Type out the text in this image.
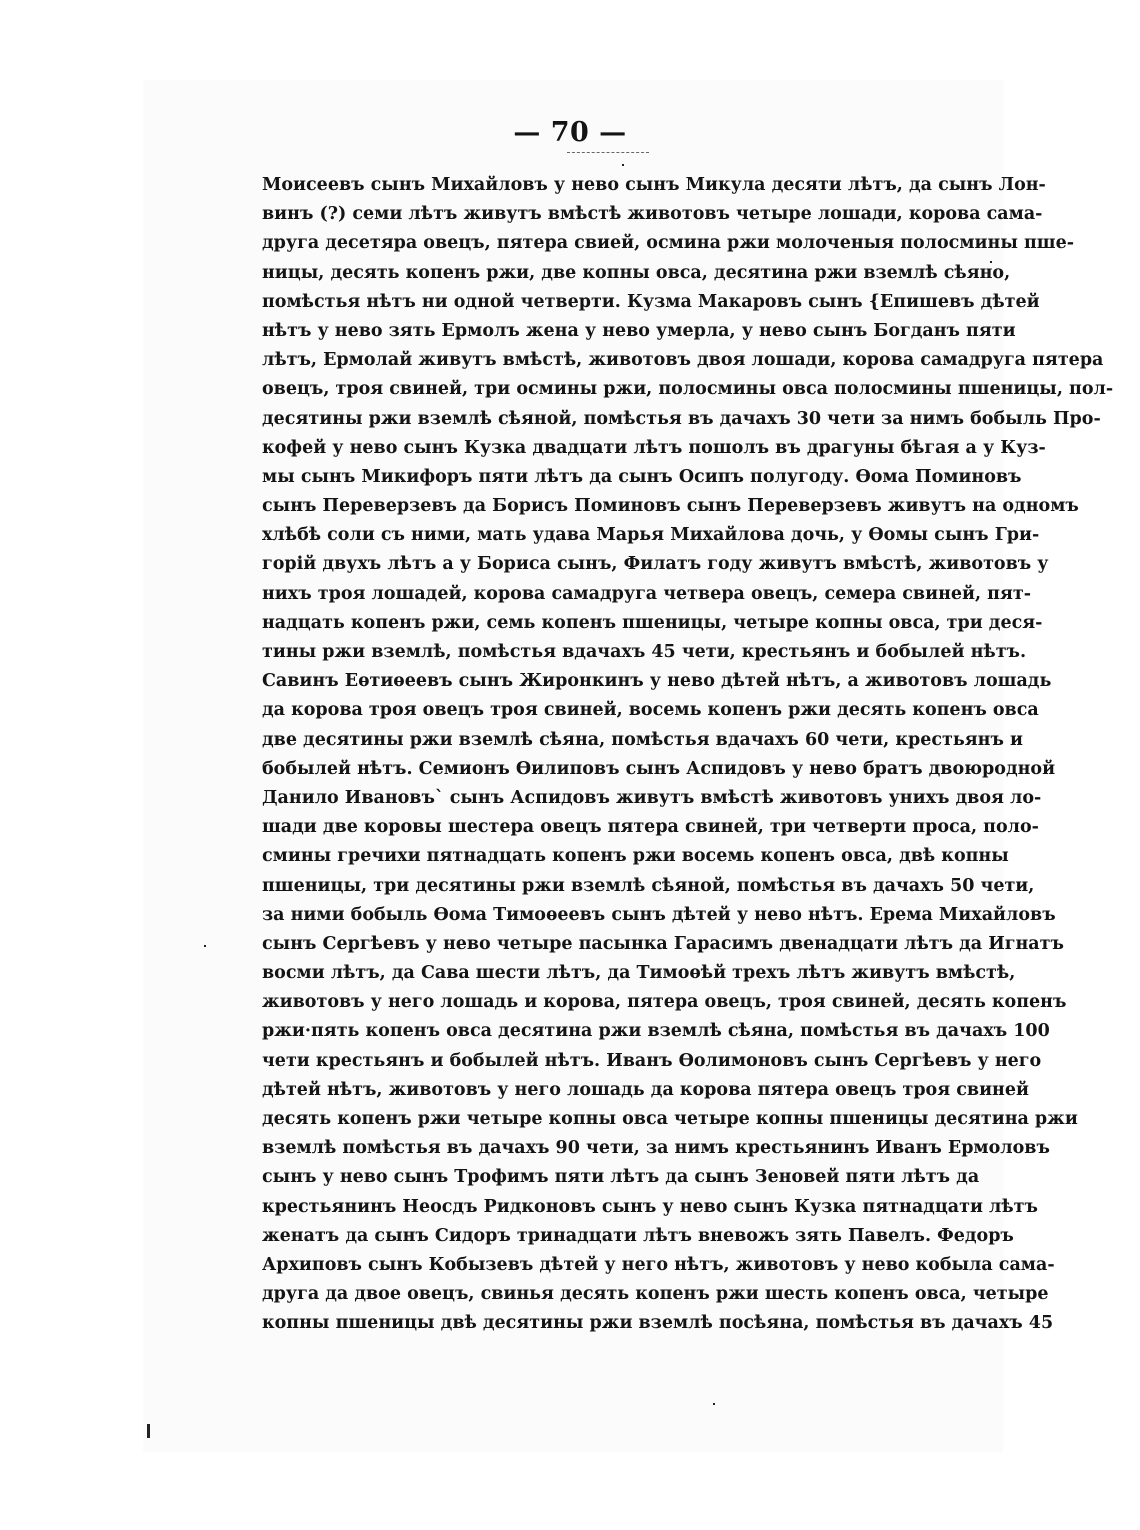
— 70 —
Моисеевъ сынъ Михайловъ у нево сынъ Микула десяти лѣтъ, да сынъ Лон-
винъ (?) семи лѣтъ живутъ вмѣстѣ животовъ четыре лошади, корова сама-
друга десетяра овецъ, пятера свией, осмина ржи молоченыя полосмины пше-
ницы, десять копенъ ржи, две копны овса, десятина ржи вземлѣ сѣяно,
помѣстья нѣтъ ни одной четверти. Кузма Макаровъ сынъ {Епишевъ дѣтей
нѣтъ у нево зять Ермолъ жена у нево умерла, у нево сынъ Богданъ пяти
лѣтъ, Ермолай живутъ вмѣстѣ, животовъ двоя лошади, корова самадруга пятера
овецъ, троя свиней, три осмины ржи, полосмины овса полосмины пшеницы, пол-
десятины ржи вземлѣ сѣяной, помѣстья въ дачахъ 30 чети за нимъ бобыль Про-
кофей у нево сынъ Кузка двадцати лѣтъ пошолъ въ драгуны бѣгая а у Куз-
мы сынъ Микифоръ пяти лѣтъ да сынъ Осипъ полугоду. Ѳома Поминовъ
сынъ Переверзевъ да Борисъ Поминовъ сынъ Переверзевъ живутъ на одномъ
хлѣбѣ соли съ ними, мать удава Марья Михайлова дочь, у Ѳомы сынъ Гри-
горій двухъ лѣтъ а у Бориса сынъ, Филатъ году живутъ вмѣстѣ, животовъ у
нихъ троя лошадей, корова самадруга четвера овецъ, семера свиней, пят-
надцать копенъ ржи, семь копенъ пшеницы, четыре копны овса, три деся-
тины ржи вземлѣ, помѣстья вдачахъ 45 чети, крестьянъ и бобылей нѣтъ.
Савинъ Еѳтиѳеевъ сынъ Жиронкинъ у нево дѣтей нѣтъ, а животовъ лошадь
да корова троя овецъ троя свиней, восемь копенъ ржи десять копенъ овса
две десятины ржи вземлѣ сѣяна, помѣстья вдачахъ 60 чети, крестьянъ и
бобылей нѣтъ. Семионъ Ѳилиповъ сынъ Аспидовъ у нево братъ двоюродной
Данило Ивановъ` сынъ Аспидовъ живутъ вмѣстѣ животовъ унихъ двоя ло-
шади две коровы шестера овецъ пятера свиней, три четверти проса, поло-
смины гречихи пятнадцать копенъ ржи восемь копенъ овса, двѣ копны
пшеницы, три десятины ржи вземлѣ сѣяной, помѣстья въ дачахъ 50 чети,
за ними бобыль Ѳома Тимоѳеевъ сынъ дѣтей у нево нѣтъ. Ерема Михайловъ
сынъ Сергѣевъ у нево четыре пасынка Гарасимъ двенадцати лѣтъ да Игнатъ
восми лѣтъ, да Сава шести лѣтъ, да Тимоѳѣй трехъ лѣтъ живутъ вмѣстѣ,
животовъ у него лошадь и корова, пятера овецъ, троя свиней, десять копенъ
ржи·пять копенъ овса десятина ржи вземлѣ сѣяна, помѣстья въ дачахъ 100
чети крестьянъ и бобылей нѣтъ. Иванъ Ѳолимоновъ сынъ Сергѣевъ у него
дѣтей нѣтъ, животовъ у него лошадь да корова пятера овецъ троя свиней
десять копенъ ржи четыре копны овса четыре копны пшеницы десятина ржи
вземлѣ помѣстья въ дачахъ 90 чети, за нимъ крестьянинъ Иванъ Ермоловъ
сынъ у нево сынъ Трофимъ пяти лѣтъ да сынъ Зеновей пяти лѣтъ да
крестьянинъ Неосдъ Ридконовъ сынъ у нево сынъ Кузка пятнадцати лѣтъ
женатъ да сынъ Сидоръ тринадцати лѣтъ вневожъ зять Павелъ. Федоръ
Архиповъ сынъ Кобызевъ дѣтей у него нѣтъ, животовъ у нево кобыла сама-
друга да двое овецъ, свинья десять копенъ ржи шесть копенъ овса, четыре
копны пшеницы двѣ десятины ржи вземлѣ посѣяна, помѣстья въ дачахъ 45
